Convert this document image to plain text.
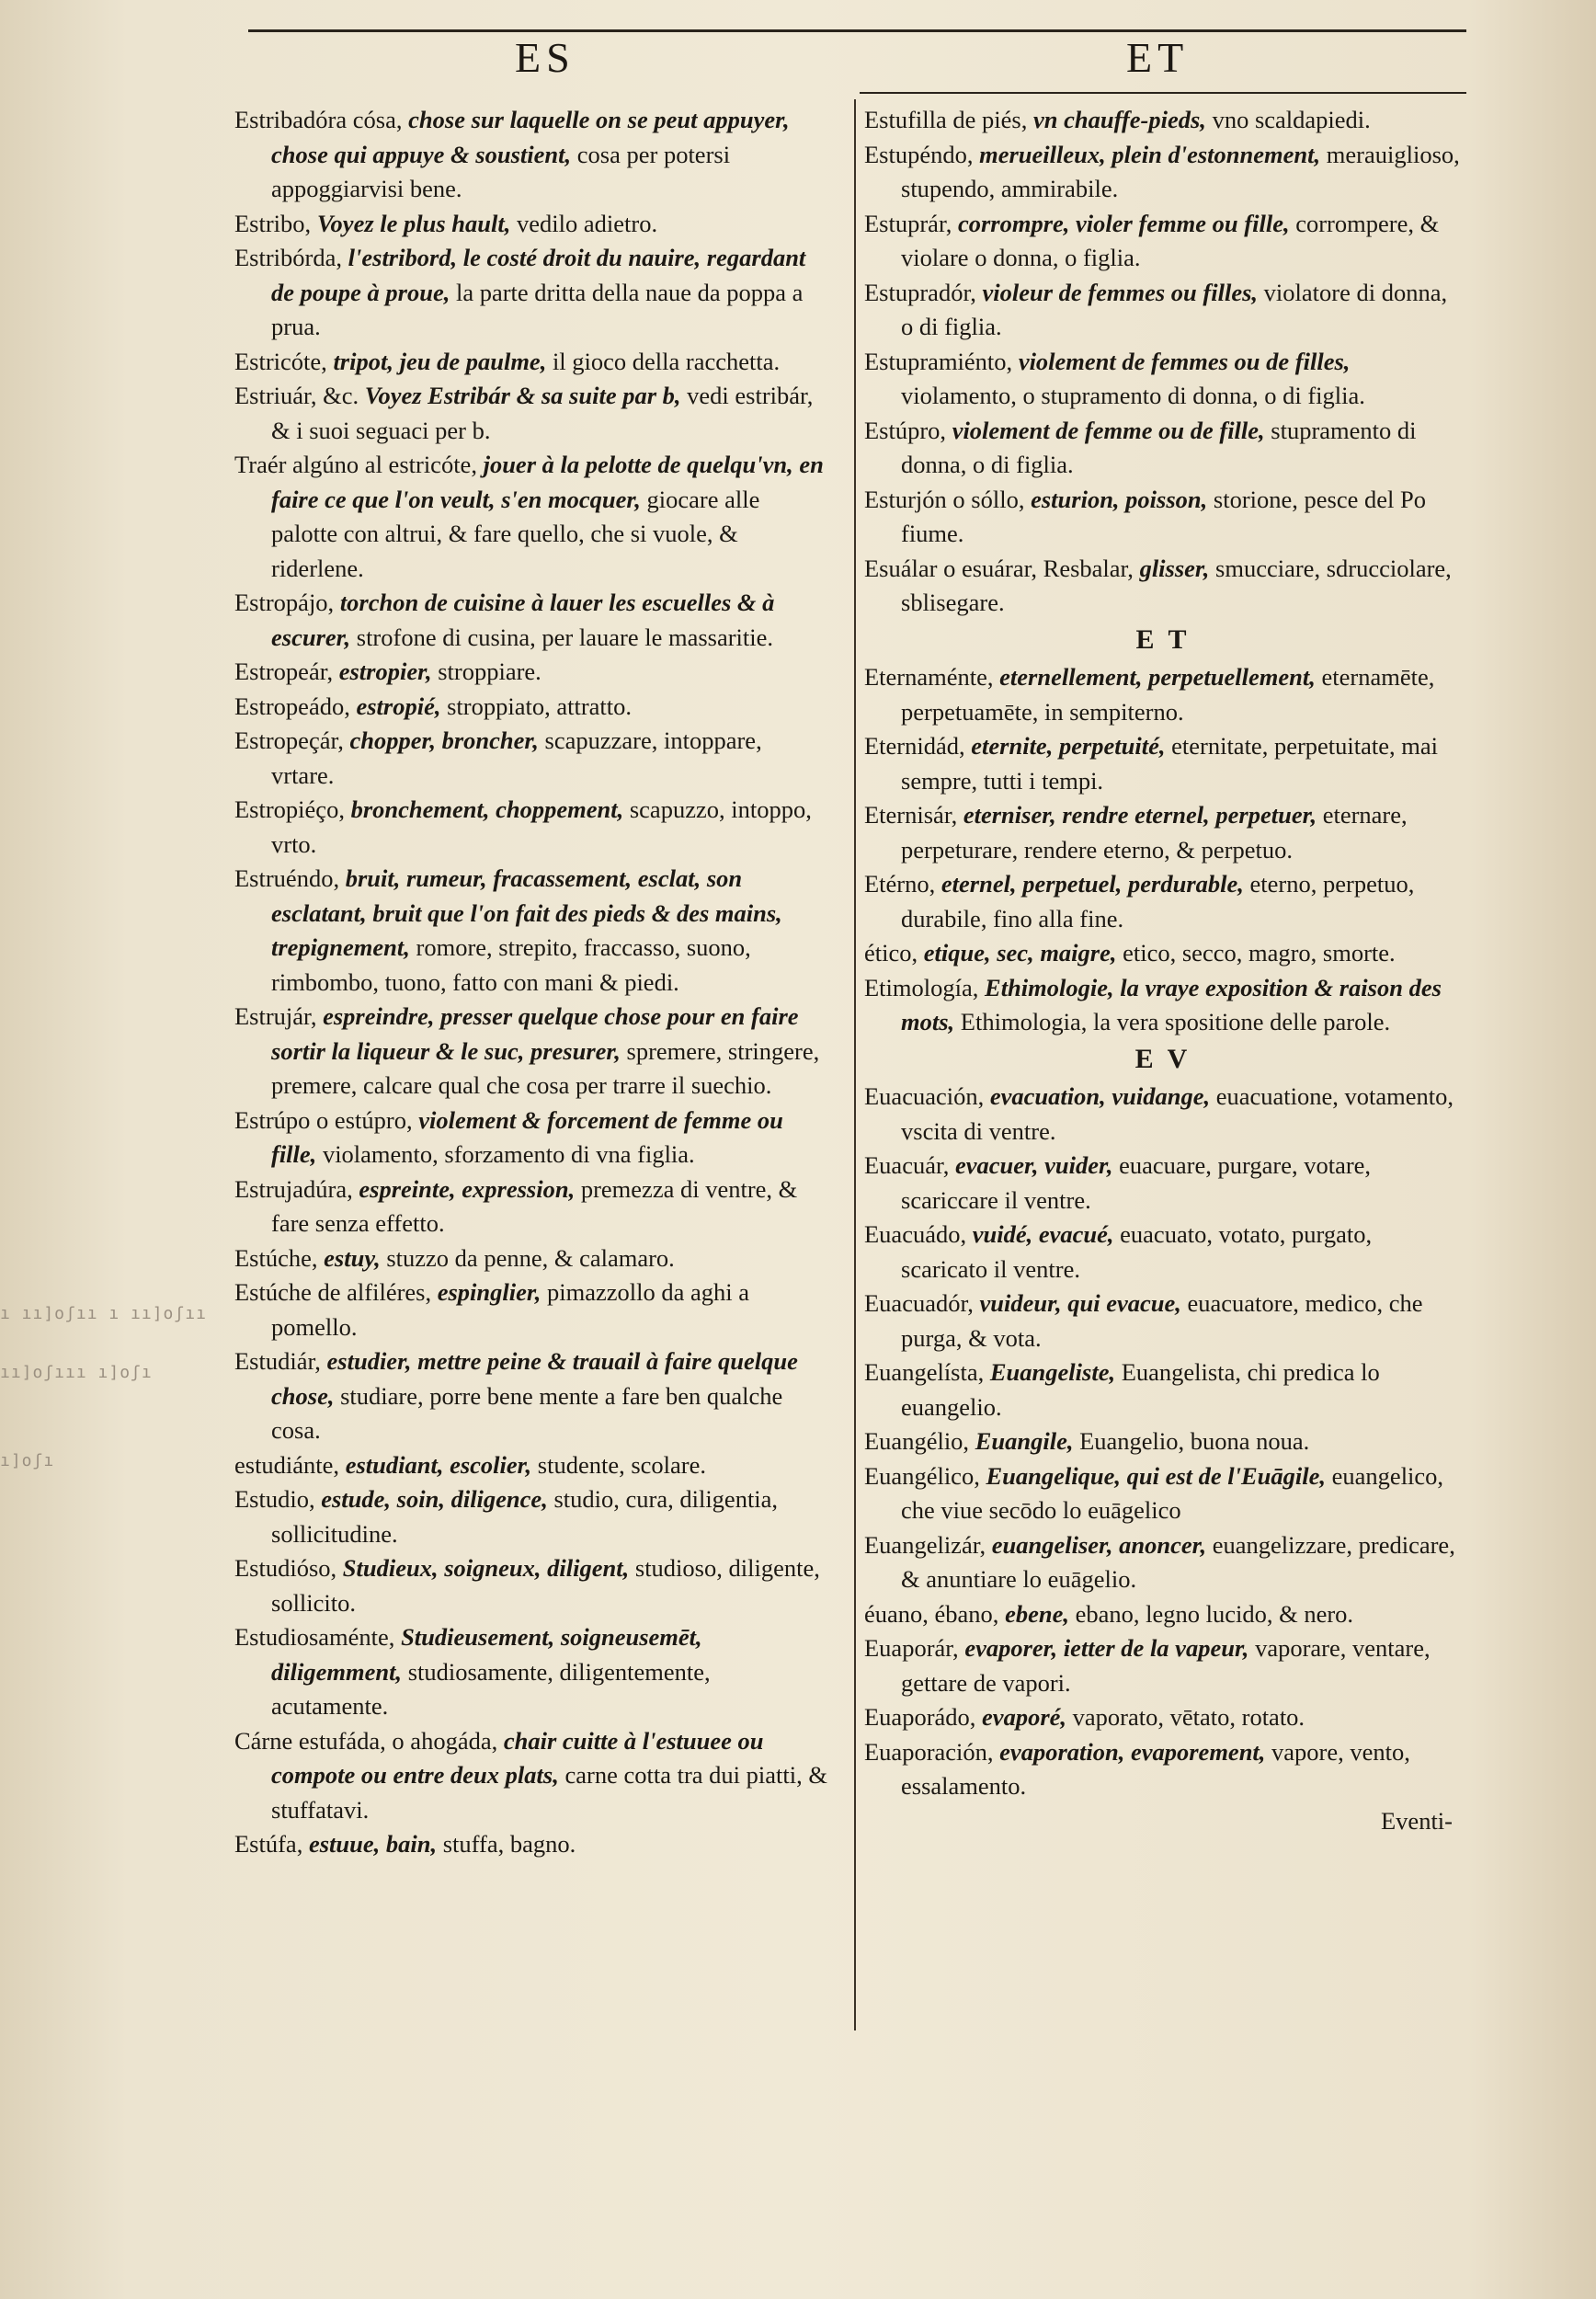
ES	ET
ı ıı]oʃıı ı ıı]oʃıı
ıı]oʃııı ı]oʃı
ı]oʃı

Estribadóra cósa, chose sur laquelle on se peut appuyer, chose qui appuye & soustient, cosa per potersi appoggiarvisi bene.

Estribo, Voyez le plus hault, vedilo adietro.

Estribórda, l'estribord, le costé droit du nauire, regardant de poupe à proue, la parte dritta della naue da poppa a prua.

Estricóte, tripot, jeu de paulme, il gioco della racchetta.

Estriuár, &c. Voyez Estribár & sa suite par b, vedi estribár, & i suoi seguaci per b.

Traér algúno al estricóte, jouer à la pelotte de quelqu'vn, en faire ce que l'on veult, s'en mocquer, giocare alle palotte con altrui, & fare quello, che si vuole, & riderlene.

Estropájo, torchon de cuisine à lauer les escuelles & à escurer, strofone di cusina, per lauare le massaritie.

Estropeár, estropier, stroppiare.

Estropeádo, estropié, stroppiato, attratto.

Estropeçár, chopper, broncher, scapuzzare, intoppare, vrtare.

Estropiéço, bronchement, choppement, scapuzzo, intoppo, vrto.

Estruéndo, bruit, rumeur, fracassement, esclat, son esclatant, bruit que l'on fait des pieds & des mains, trepignement, romore, strepito, fraccasso, suono, rimbombo, tuono, fatto con mani & piedi.

Estrujár, espreindre, presser quelque chose pour en faire sortir la liqueur & le suc, presurer, spremere, stringere, premere, calcare qual che cosa per trarre il suechio.

Estrúpo o estúpro, violement & forcement de femme ou fille, violamento, sforzamento di vna figlia.

Estrujadúra, espreinte, expression, premezza di ventre, & fare senza effetto.

Estúche, estuy, stuzzo da penne, & calamaro.

Estúche de alfiléres, espinglier, pimazzollo da aghi a pomello.

Estudiár, estudier, mettre peine & trauail à faire quelque chose, studiare, porre bene mente a fare ben qualche cosa.

estudiánte, estudiant, escolier, studente, scolare.

Estudio, estude, soin, diligence, studio, cura, diligentia, sollicitudine.

Estudióso, Studieux, soigneux, diligent, studioso, diligente, sollicito.

Estudiosaménte, Studieusement, soigneusemēt, diligemment, studiosamente, diligentemente, acutamente.

Cárne estufáda, o ahogáda, chair cuitte à l'estuuee ou compote ou entre deux plats, carne cotta tra dui piatti, & stuffatavi.

Estúfa, estuue, bain, stuffa, bagno.

Estufilla de piés, vn chauffe-pieds, vno scaldapiedi.

Estupéndo, merueilleux, plein d'estonnement, merauiglioso, stupendo, ammirabile.

Estuprár, corrompre, violer femme ou fille, corrompere, & violare o donna, o figlia.

Estupradór, violeur de femmes ou filles, violatore di donna, o di figlia.

Estupramiénto, violement de femmes ou de filles, violamento, o stupramento di donna, o di figlia.

Estúpro, violement de femme ou de fille, stupramento di donna, o di figlia.

Esturjón o sóllo, esturion, poisson, storione, pesce del Po fiume.

Esuálar o esuárar, Resbalar, glisser, smucciare, sdrucciolare, sblisegare.

E T

Eternaménte, eternellement, perpetuellement, eternamēte, perpetuamēte, in sempiterno.

Eternidád, eternite, perpetuité, eternitate, perpetuitate, mai sempre, tutti i tempi.

Eternisár, eterniser, rendre eternel, perpetuer, eternare, perpeturare, rendere eterno, & perpetuo.

Etérno, eternel, perpetuel, perdurable, eterno, perpetuo, durabile, fino alla fine.

ético, etique, sec, maigre, etico, secco, magro, smorte.

Etimología, Ethimologie, la vraye exposition & raison des mots, Ethimologia, la vera spositione delle parole.

E V

Euacuación, evacuation, vuidange, euacuatione, votamento, vscita di ventre.

Euacuár, evacuer, vuider, euacuare, purgare, votare, scariccare il ventre.

Euacuádo, vuidé, evacué, euacuato, votato, purgato, scaricato il ventre.

Euacuadór, vuideur, qui evacue, euacuatore, medico, che purga, & vota.

Euangelísta, Euangeliste, Euangelista, chi predica lo euangelio.

Euangélio, Euangile, Euangelio, buona noua.

Euangélico, Euangelique, qui est de l'Euāgile, euangelico, che viue secōdo lo euāgelico

Euangelizár, euangeliser, anoncer, euangelizzare, predicare, & anuntiare lo euāgelio.

éuano, ébano, ebene, ebano, legno lucido, & nero.

Euaporár, evaporer, ietter de la vapeur, vaporare, ventare, gettare de vapori.

Euaporádo, evaporé, vaporato, vētato, rotato.

Euaporación, evaporation, evaporement, vapore, vento, essalamento.

Eventi-
